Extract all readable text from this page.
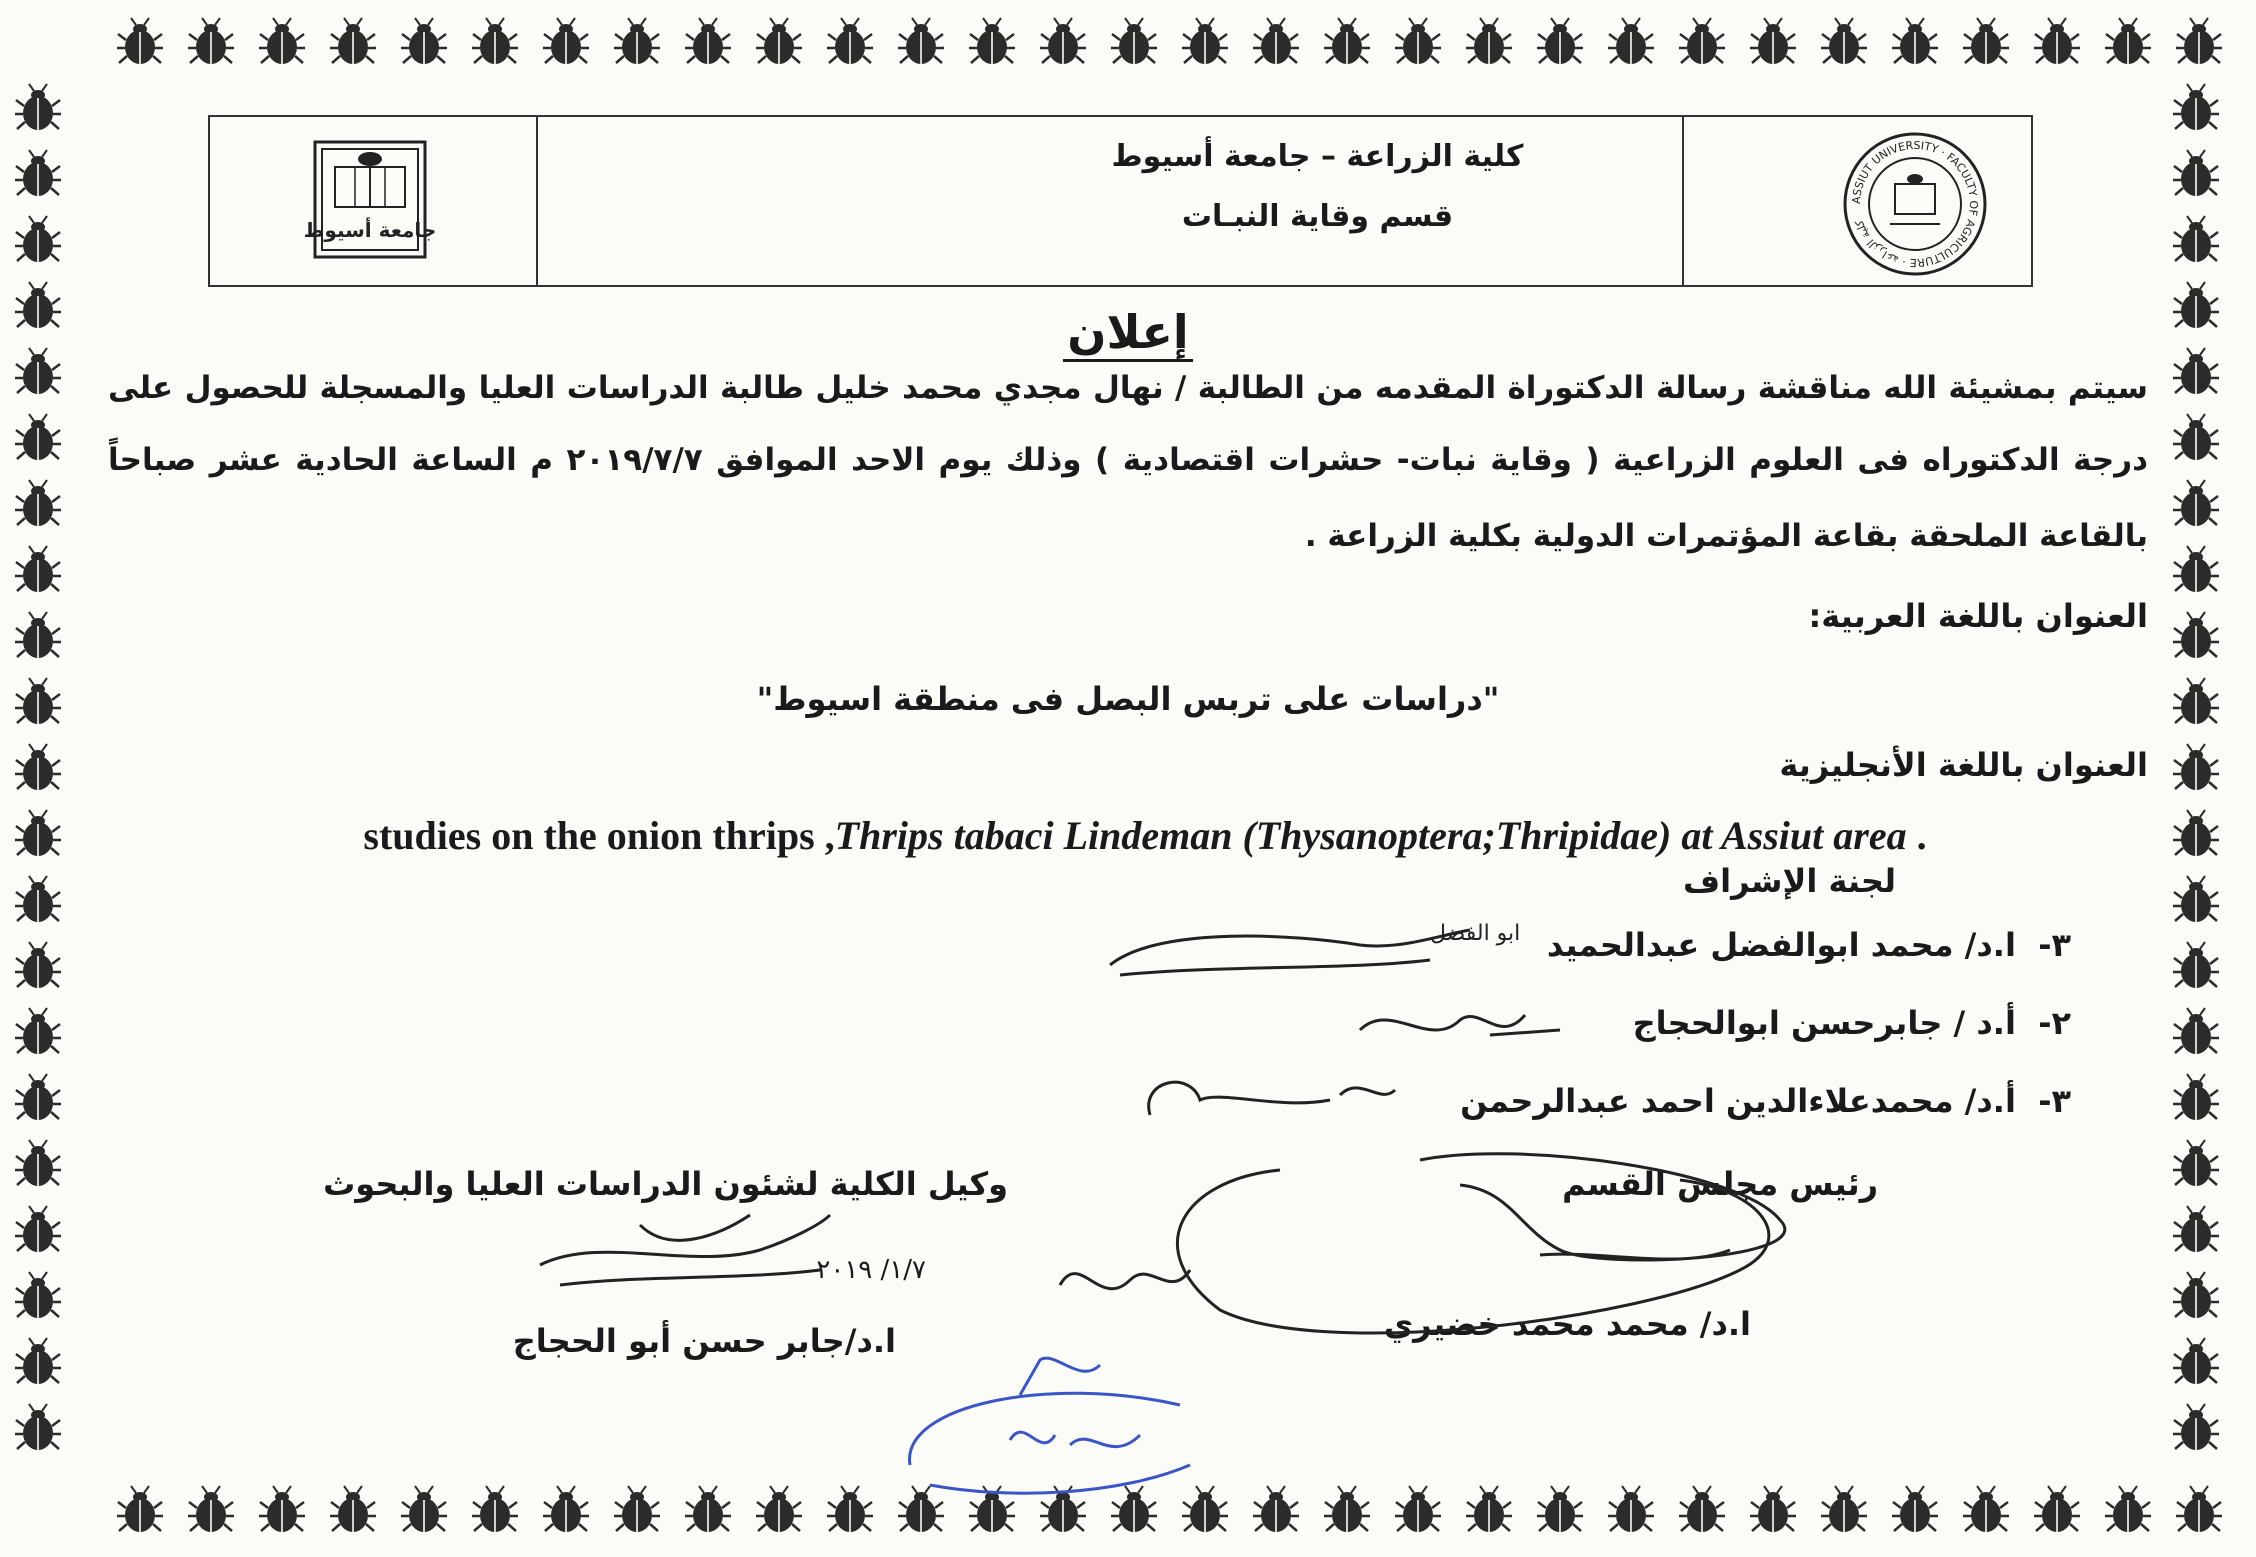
جامعة أسيوط
كلية الزراعة – جامعة أسيوط
قسم وقاية النبـات	ASSIUT UNIVERSITY · FACULTY OF AGRICULTURE · كلية الزراعة
إعلان
سيتم بمشيئة الله مناقشة رسالة الدكتوراة المقدمه من الطالبة / نهال مجدي محمد خليل طالبة الدراسات العليا والمسجلة للحصول على
درجة الدكتوراه فى العلوم الزراعية ( وقاية نبات- حشرات اقتصادية ) وذلك يوم الاحد الموافق ٢٠١٩/٧/٧ م الساعة الحادية عشر صباحاً
بالقاعة الملحقة بقاعة المؤتمرات الدولية بكلية الزراعة .
العنوان باللغة العربية:
"دراسات على تربس البصل فى منطقة اسيوط"
العنوان باللغة الأنجليزية
studies on the onion thrips ,Thrips tabaci Lindeman (Thysanoptera;Thripidae) at Assiut area .
لجنة الإشراف
٣-  ا.د/ محمد ابوالفضل عبدالحميد
٢-  أ.د / جابرحسن ابوالحجاج
٣-  أ.د/ محمدعلاءالدين احمد عبدالرحمن
ابو الفضل
وكيل الكلية لشئون الدراسات العليا والبحوث
١/٧/ ٢٠١٩
ا.د/جابر حسن أبو الحجاج
رئيس مجلس القسم
ا.د/ محمد محمد خضيري
